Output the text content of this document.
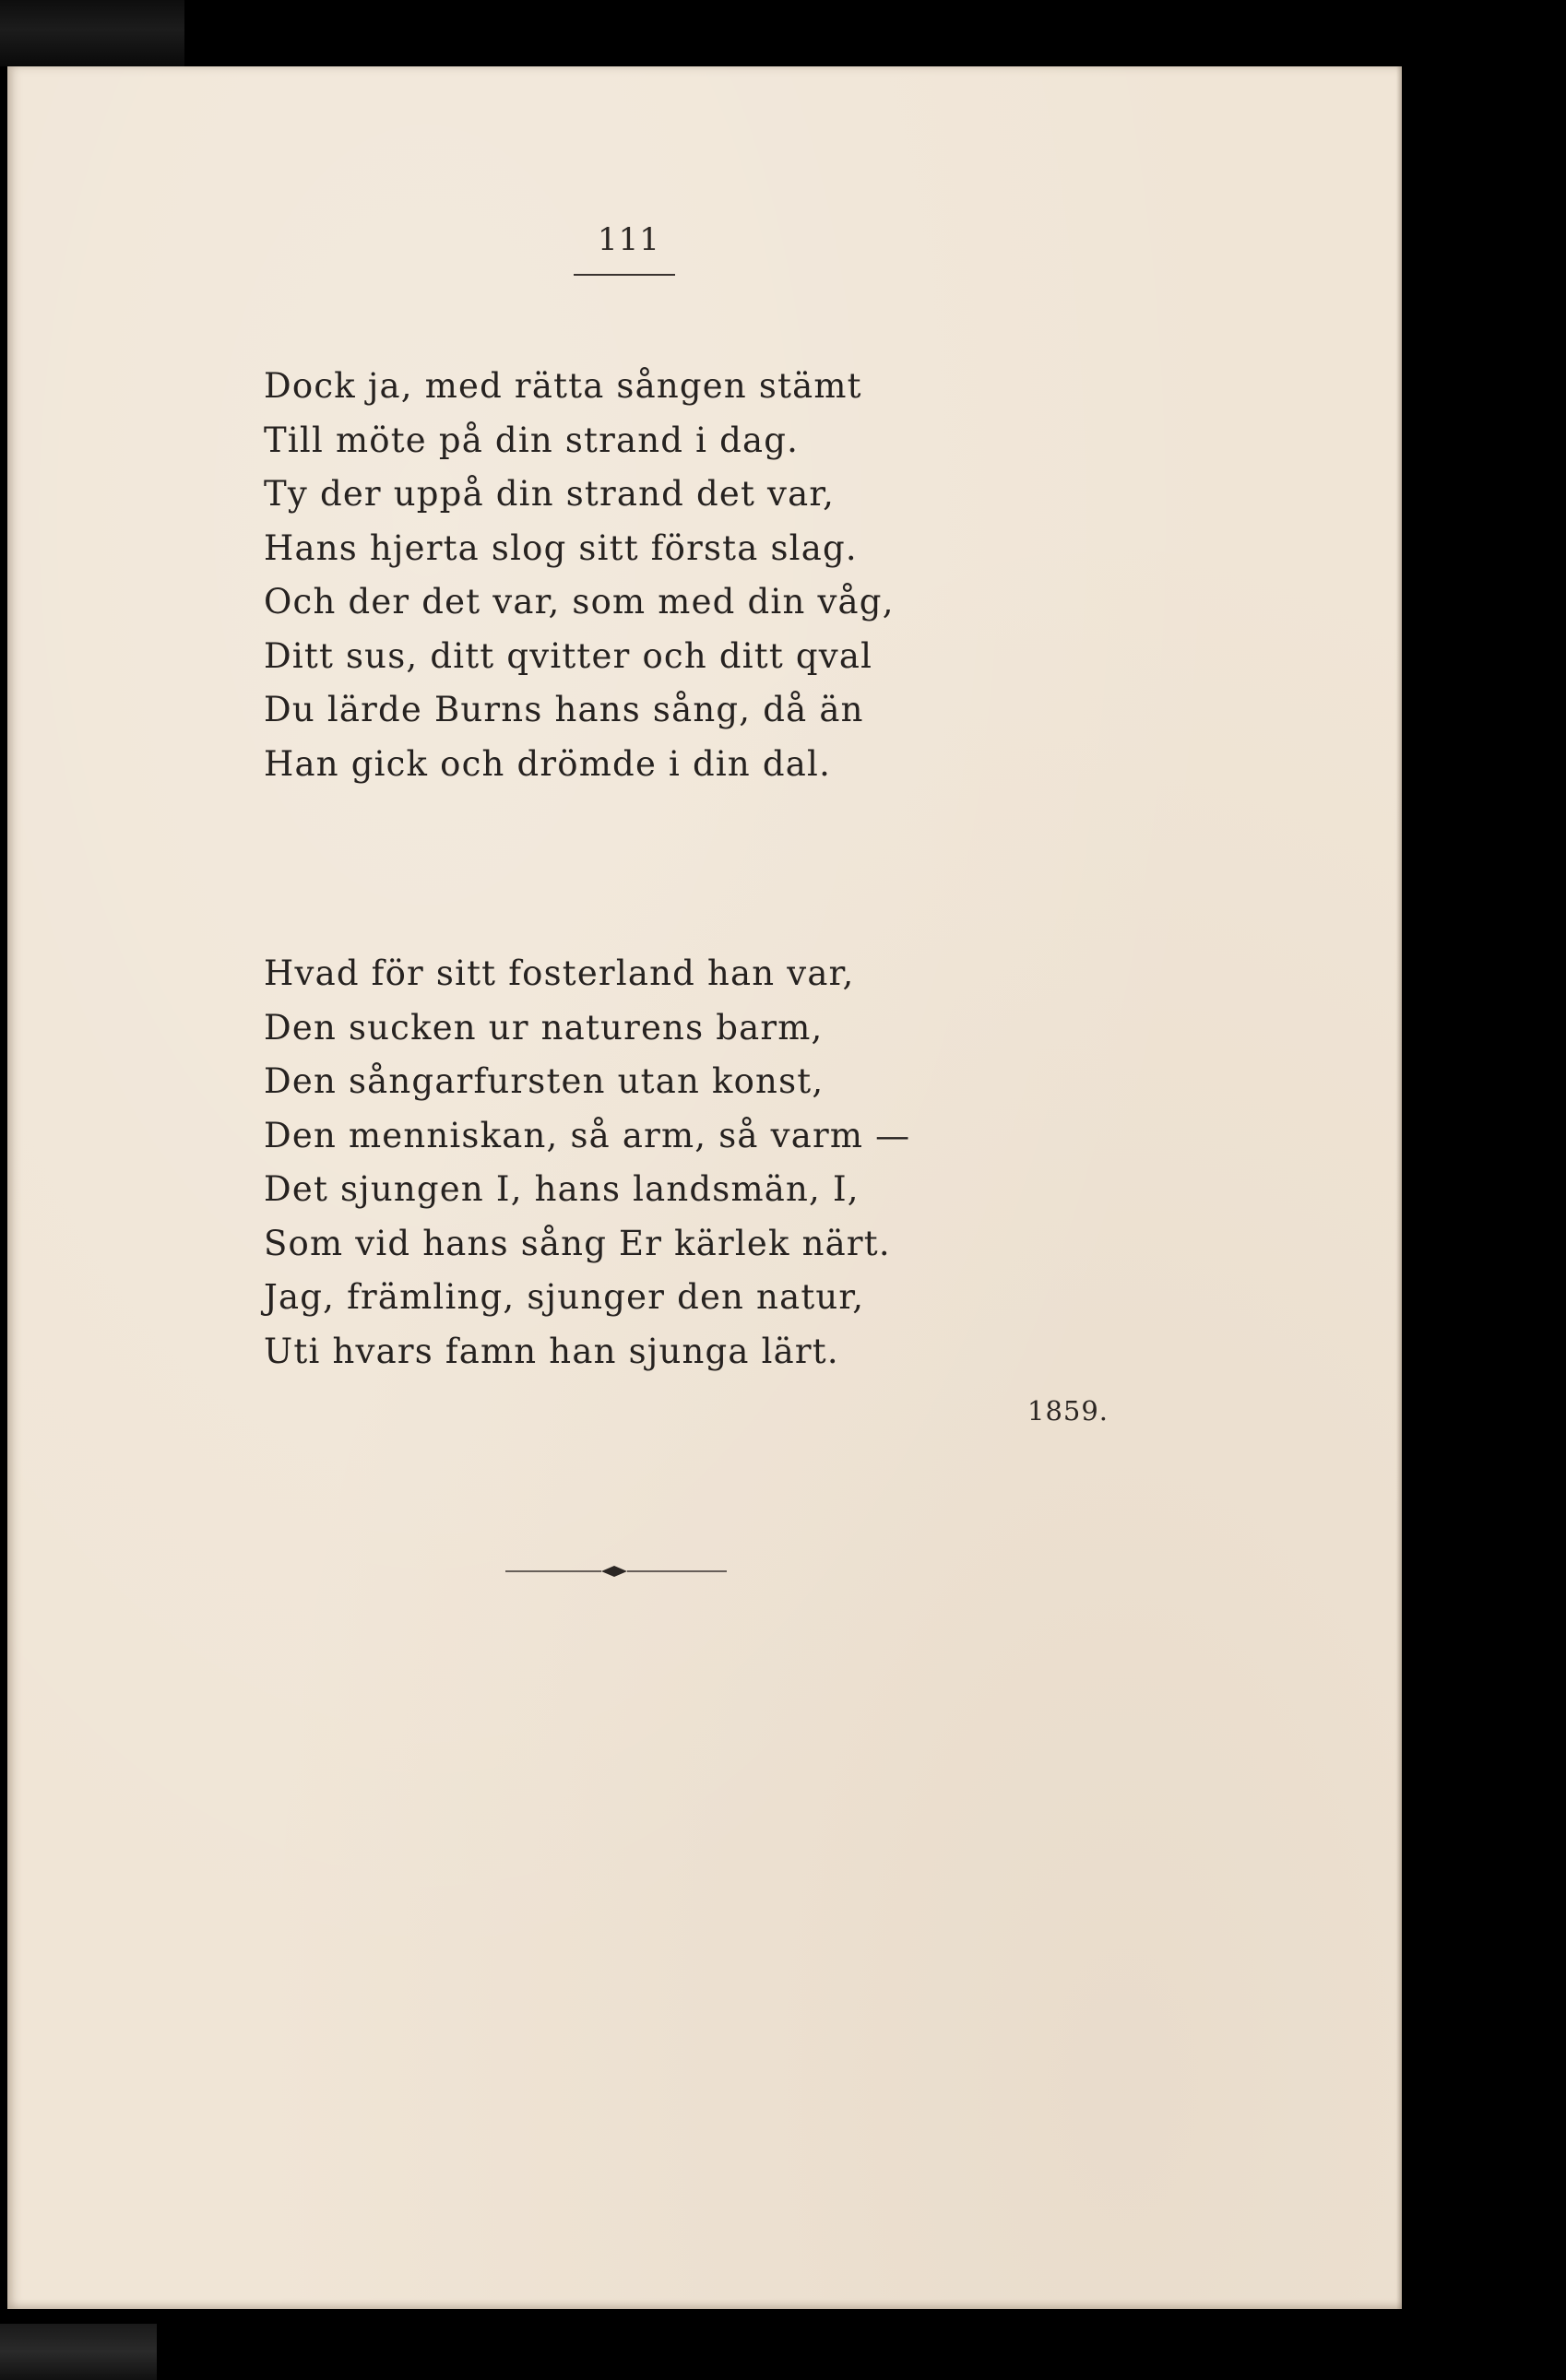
111
Dock ja, med rätta sången stämt
Till möte på din strand i dag.
Ty der uppå din strand det var,
Hans hjerta slog sitt första slag.
Och der det var, som med din våg,
Ditt sus, ditt qvitter och ditt qval
Du lärde Burns hans sång, då än
Han gick och drömde i din dal.
Hvad för sitt fosterland han var,
Den sucken ur naturens barm,
Den sångarfursten utan konst,
Den menniskan, så arm, så varm —
Det sjungen I, hans landsmän, I,
Som vid hans sång Er kärlek närt.
Jag, främling, sjunger den natur,
Uti hvars famn han sjunga lärt.
1859.
